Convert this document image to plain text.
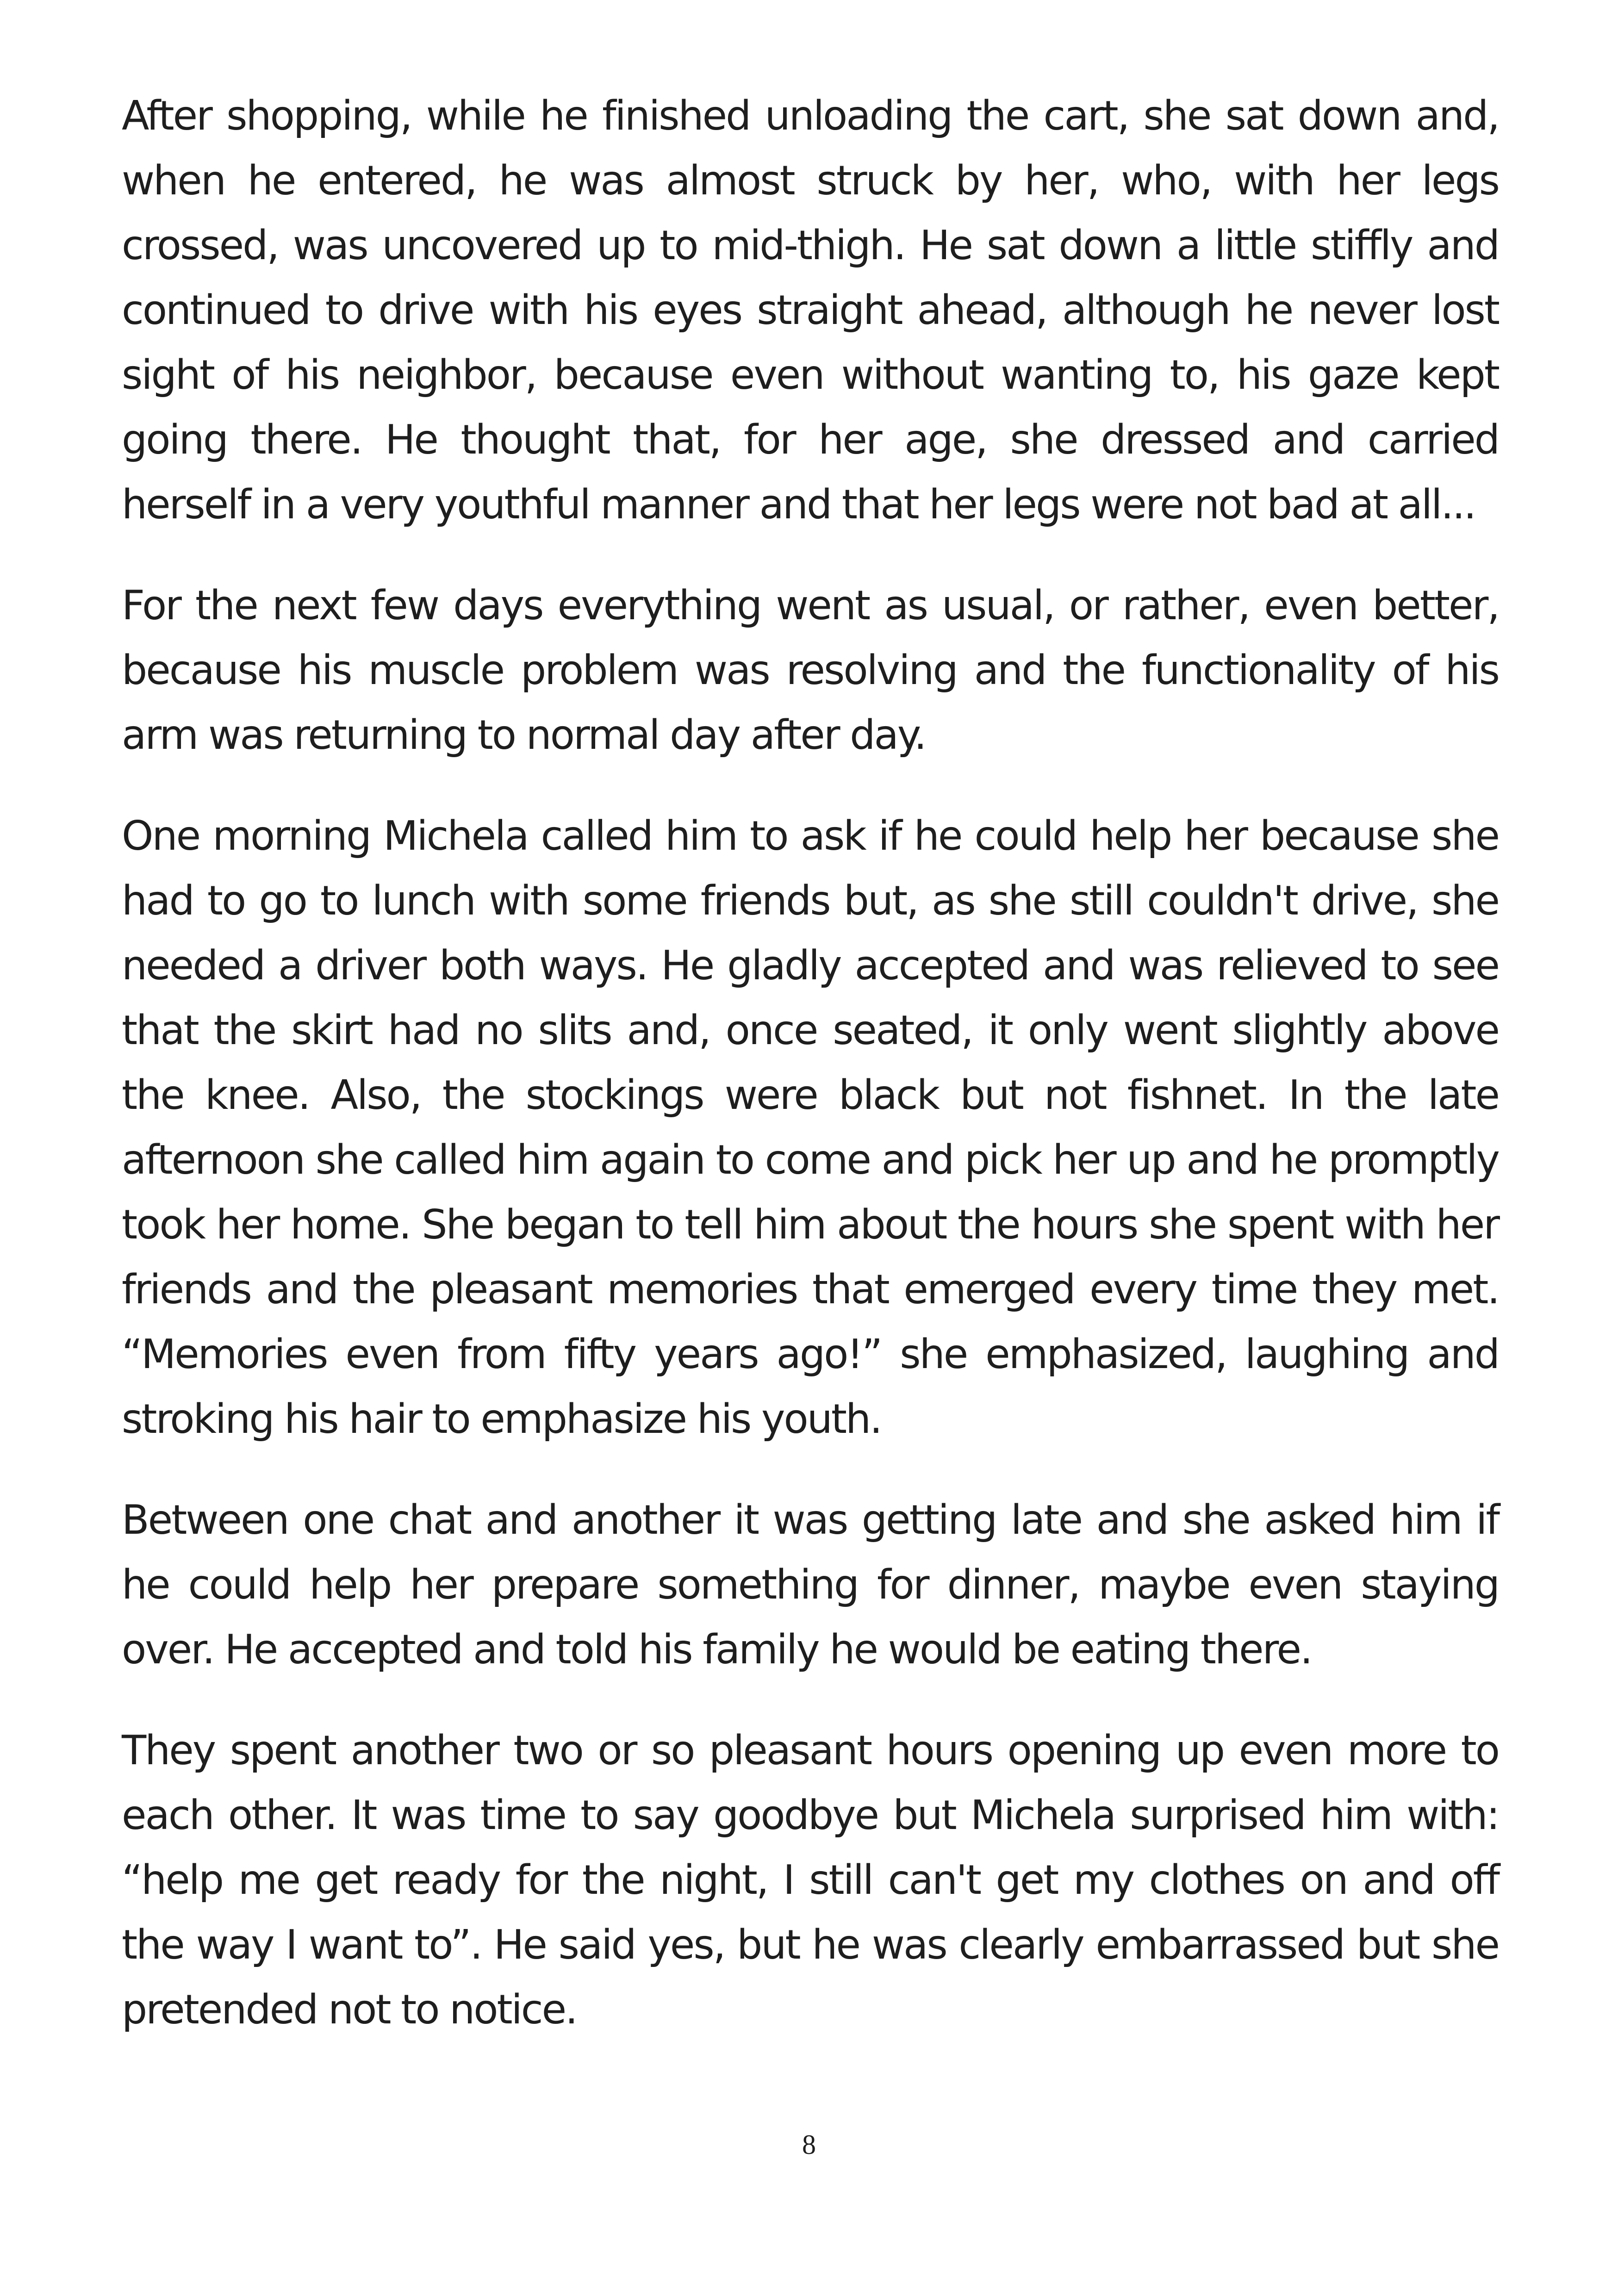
After shopping, while he finished unloading the cart, she sat down and, when he entered, he was almost struck by her, who, with her legs crossed, was uncovered up to mid-thigh. He sat down a little stiffly and continued to drive with his eyes straight ahead, although he never lost sight of his neighbor, because even without wanting to, his gaze kept going there. He thought that, for her age, she dressed and carried herself in a very youthful manner and that her legs were not bad at all...

For the next few days everything went as usual, or rather, even better, because his muscle problem was resolving and the functionality of his arm was returning to normal day after day.

One morning Michela called him to ask if he could help her because she had to go to lunch with some friends but, as she still couldn't drive, she needed a driver both ways. He gladly accepted and was relieved to see that the skirt had no slits and, once seated, it only went slightly above the knee. Also, the stockings were black but not fishnet. In the late afternoon she called him again to come and pick her up and he promptly took her home. She began to tell him about the hours she spent with her friends and the pleasant memories that emerged every time they met. “Memories even from fifty years ago!” she emphasized, laughing and stroking his hair to emphasize his youth.

Between one chat and another it was getting late and she asked him if he could help her prepare something for dinner, maybe even staying over. He accepted and told his family he would be eating there.

They spent another two or so pleasant hours opening up even more to each other. It was time to say goodbye but Michela surprised him with: “help me get ready for the night, I still can't get my clothes on and off the way I want to”. He said yes, but he was clearly embarrassed but she pretended not to notice.

8
